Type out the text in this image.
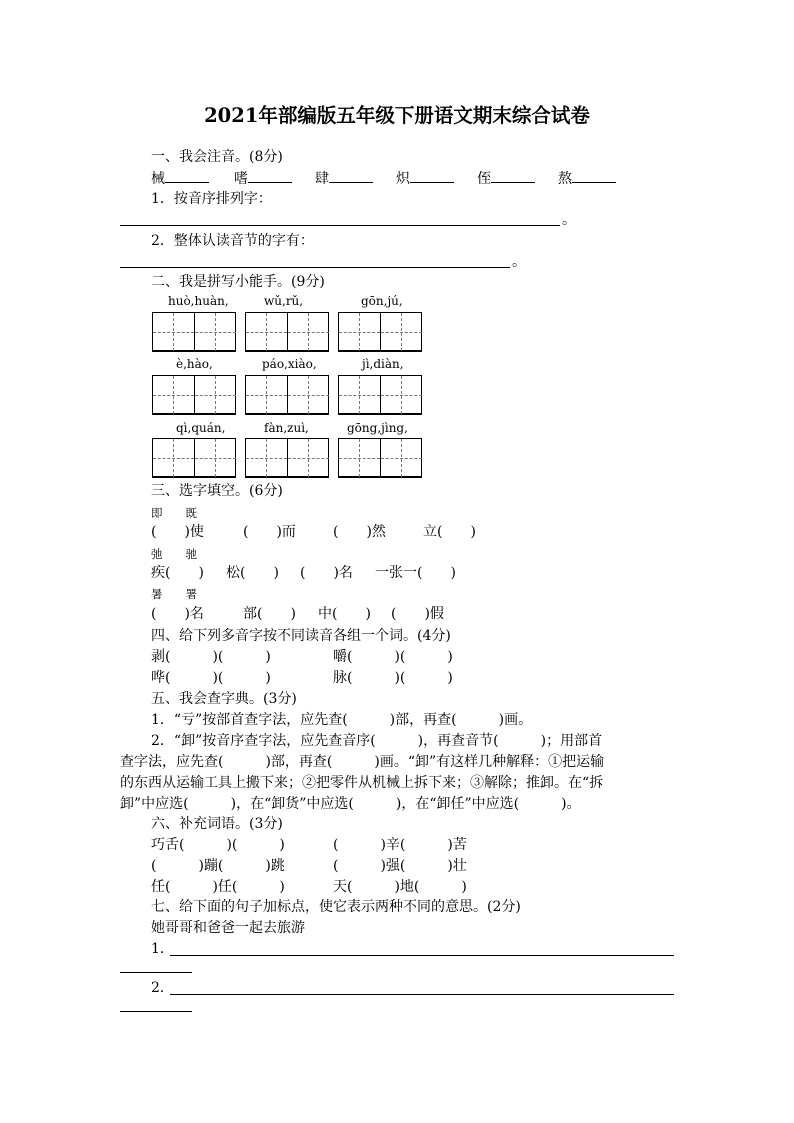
2021年部编版五年级下册语文期末综合试卷
一、我会注音。(8分)
械	嗜	肆	炽	侄	熬
1．按音序排列字：
。
2．整体认读音节的字有：
。
二、我是拼写小能手。(9分)
huò,huàn,	wǔ,rǔ,	gōn,jú,
è,hào,	páo,xiào,	jì,diàn,
qì,quán,	fàn,zuì,	gōng,jìng,
三、选字填空。(6分)
即　　既
(　　)使	(　　)而	(　　)然	立(　　)
弛　　驰
疾(　　) 松(　　) (　　)名 一张一(　　)
暑　　署
(　　)名	部(　　) 中(　　) (　　)假
四、给下列多音字按不同读音各组一个词。(4分)
剥(　　　)(　　　)	嚼(　　　)(　　　)
哗(　　　)(　　　)	脉(　　　)(　　　)
五、我会查字典。(3分)
1．“亏”按部首查字法，应先查(　　　)部，再查(　　　)画。
2．“卸”按音序查字法，应先查音序(　　　)，再查音节(　　　)；用部首
查字法，应先查(　　　)部，再查(　　　)画。“卸”有这样几种解释：①把运输
的东西从运输工具上搬下来；②把零件从机械上拆下来；③解除；推卸。在“拆
卸”中应选(　　　)，在“卸货”中应选(　　　)，在“卸任”中应选(　　　)。
六、补充词语。(3分)
巧舌(　　　)(　　　)	(　　　)辛(　　　)苦
(　　　)蹦(　　　)跳	(　　　)强(　　　)壮
任(　　　)任(　　　)	天(　　　)地(　　　)
七、给下面的句子加标点，使它表示两种不同的意思。(2分)
她哥哥和爸爸一起去旅游
1．
2．
